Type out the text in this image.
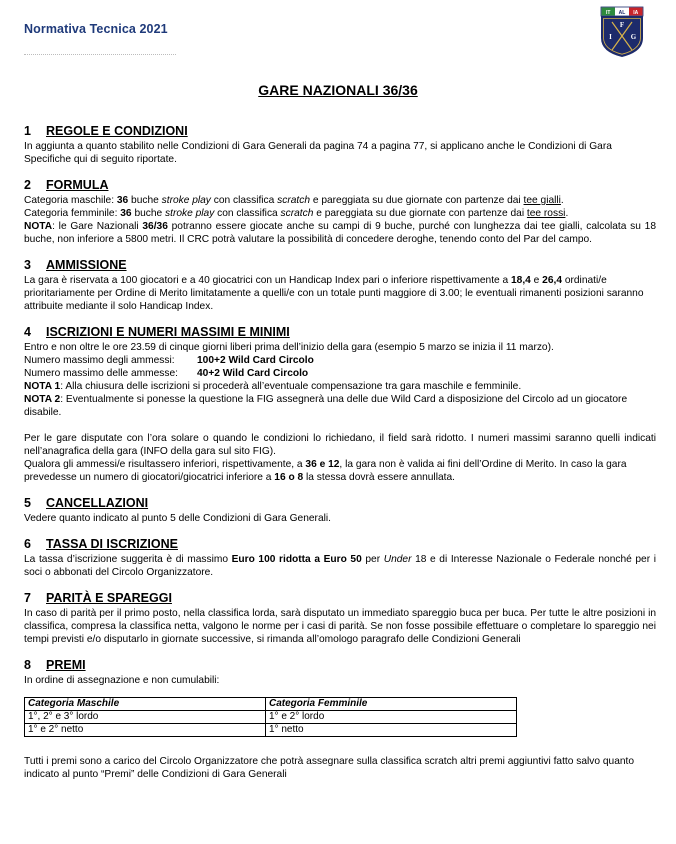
Normativa Tecnica 2021
IT AL IA
F
I	G
GARE NAZIONALI 36/36
1	REGOLE E CONDIZIONI

In aggiunta a quanto stabilito nelle Condizioni di Gara Generali da pagina 74 a pagina 77, si applicano anche le Condizioni di Gara Specifiche qui di seguito riportate.

2	FORMULA

Categoria maschile: 36 buche stroke play con classifica scratch e pareggiata su due giornate con partenze dai tee gialli.

Categoria femminile: 36 buche stroke play con classifica scratch e pareggiata su due giornate con partenze dai tee rossi.

NOTA: le Gare Nazionali 36/36 potranno essere giocate anche su campi di 9 buche, purché con lunghezza dai tee gialli, calcolata su 18 buche, non inferiore a 5800 metri. Il CRC potrà valutare la possibilità di concedere deroghe, tenendo conto del Par del campo.

3	AMMISSIONE

La gara è riservata a 100 giocatori e a 40 giocatrici con un Handicap Index pari o inferiore rispettivamente a 18,4 e 26,4 ordinati/e prioritariamente per Ordine di Merito limitatamente a quelli/e con un totale punti maggiore di 3.00; le eventuali rimanenti posizioni saranno attribuite mediante il solo Handicap Index.

4	ISCRIZIONI E NUMERI MASSIMI E MINIMI

Entro e non oltre le ore 23.59 di cinque giorni liberi prima dell’inizio della gara (esempio 5 marzo se inizia il 11 marzo).

Numero massimo degli ammessi:	100+2 Wild Card Circolo
Numero massimo delle ammesse:	40+2 Wild Card Circolo

NOTA 1: Alla chiusura delle iscrizioni si procederà all’eventuale compensazione tra gara maschile e femminile.

NOTA 2: Eventualmente si ponesse la questione la FIG assegnerà una delle due Wild Card a disposizione del Circolo ad un giocatore disabile.

Per le gare disputate con l’ora solare o quando le condizioni lo richiedano, il field sarà ridotto. I numeri massimi saranno quelli indicati nell’anagrafica della gara (INFO della gara sul sito FIG).

Qualora gli ammessi/e risultassero inferiori, rispettivamente, a 36 e 12, la gara non è valida ai fini dell’Ordine di Merito. In caso la gara prevedesse un numero di giocatori/giocatrici inferiore a 16 o 8 la stessa dovrà essere annullata.

5	CANCELLAZIONI

Vedere quanto indicato al punto 5 delle Condizioni di Gara Generali.

6	TASSA DI ISCRIZIONE

La tassa d’iscrizione suggerita è di massimo Euro 100 ridotta a Euro 50 per Under 18 e di Interesse Nazionale o Federale nonché per i soci o abbonati del Circolo Organizzatore.

7	PARITÀ E SPAREGGI

In caso di parità per il primo posto, nella classifica lorda, sarà disputato un immediato spareggio buca per buca. Per tutte le altre posizioni in classifica, compresa la classifica netta, valgono le norme per i casi di parità. Se non fosse possibile effettuare o completare lo spareggio nei tempi previsti e/o disputarlo in giornate successive, si rimanda all’omologo paragrafo delle Condizioni Generali

8	PREMI

In ordine di assegnazione e non cumulabili:

Categoria Maschile	Categoria Femminile
1°, 2° e 3° lordo	1° e 2° lordo
1° e 2° netto	1° netto

Tutti i premi sono a carico del Circolo Organizzatore che potrà assegnare sulla classifica scratch altri premi aggiuntivi fatto salvo quanto indicato al punto “Premi” delle Condizioni di Gara Generali
